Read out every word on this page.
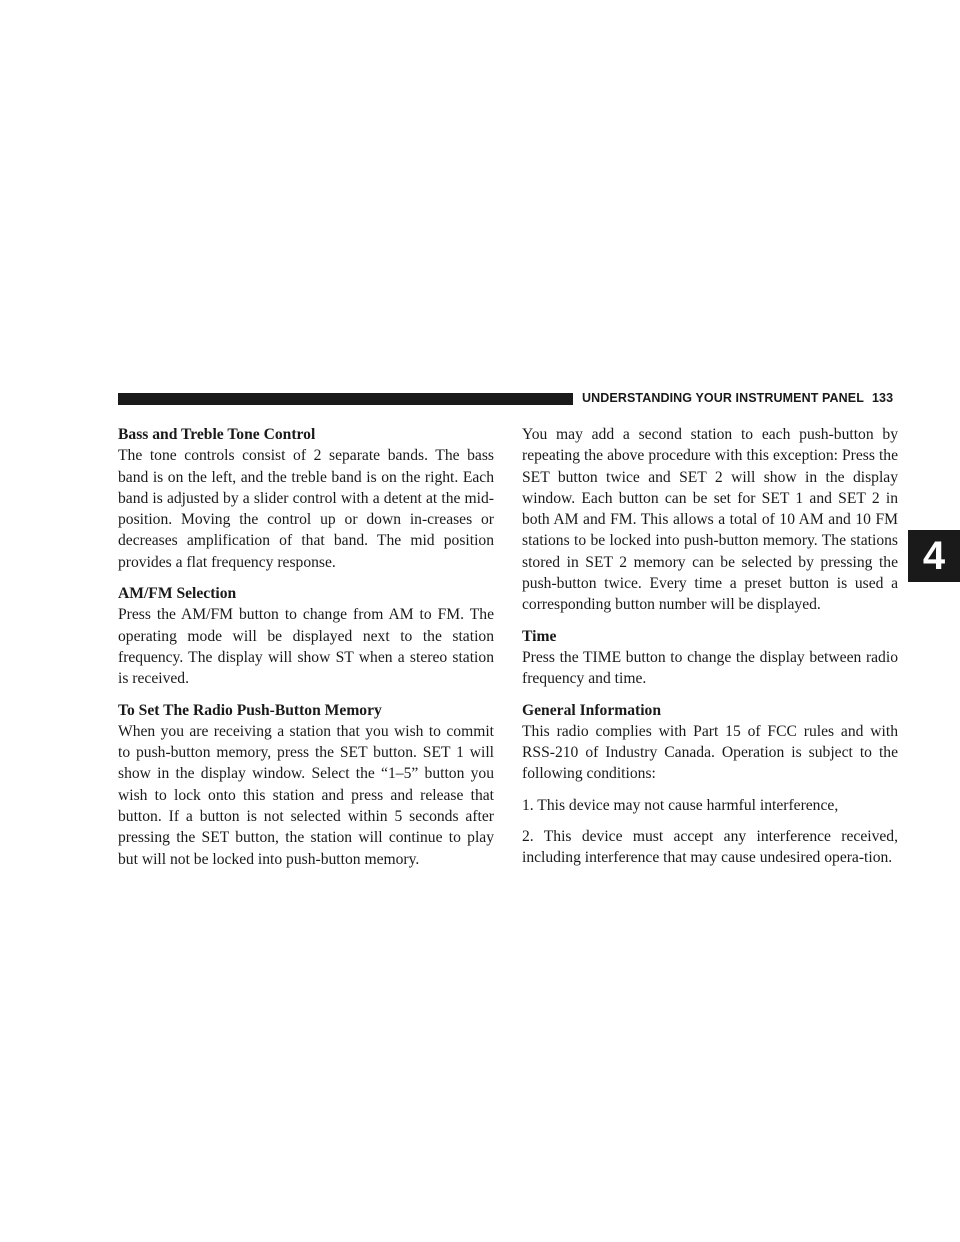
UNDERSTANDING YOUR INSTRUMENT PANEL 133
4
Bass and Treble Tone Control

The tone controls consist of 2 separate bands. The bass band is on the left, and the treble band is on the right. Each band is adjusted by a slider control with a detent at the mid-position. Moving the control up or down in-creases or decreases amplification of that band. The mid position provides a flat frequency response.

AM/FM Selection

Press the AM/FM button to change from AM to FM. The operating mode will be displayed next to the station frequency. The display will show ST when a stereo station is received.

To Set The Radio Push-Button Memory

When you are receiving a station that you wish to commit to push-button memory, press the SET button. SET 1 will show in the display window. Select the “1–5” button you wish to lock onto this station and press and release that button. If a button is not selected within 5 seconds after pressing the SET button, the station will continue to play but will not be locked into push-button memory.

You may add a second station to each push-button by repeating the above procedure with this exception: Press the SET button twice and SET 2 will show in the display window. Each button can be set for SET 1 and SET 2 in both AM and FM. This allows a total of 10 AM and 10 FM stations to be locked into push-button memory. The stations stored in SET 2 memory can be selected by pressing the push-button twice. Every time a preset button is used a corresponding button number will be displayed.

Time

Press the TIME button to change the display between radio frequency and time.

General Information

This radio complies with Part 15 of FCC rules and with RSS-210 of Industry Canada. Operation is subject to the following conditions:

1. This device may not cause harmful interference,

2. This device must accept any interference received, including interference that may cause undesired opera-tion.
